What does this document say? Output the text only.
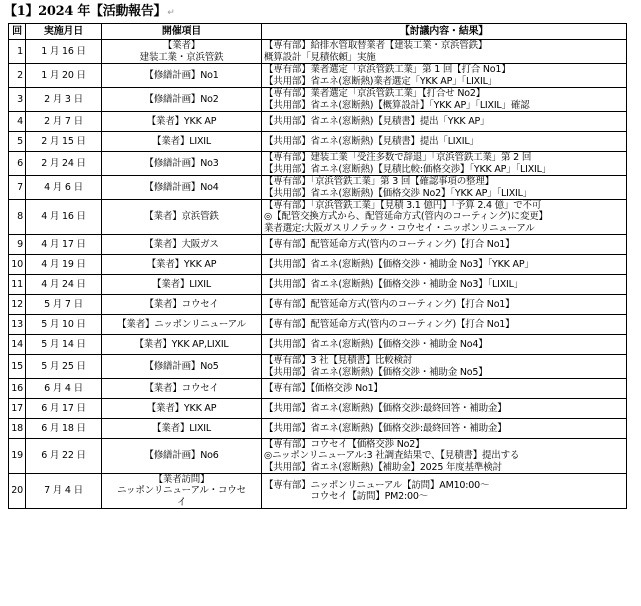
【1】2024 年【活動報告】↵
回	実施月日	開催項目	【討議内容・結果】
1	1 月 16 日	【業者】
建装工業・京浜管鉄	【専有部】給排水管取替業者【建装工業・京浜管鉄】
概算設計「見積依頼」実施

2	1 月 20 日	【修繕計画】No1	【専有部】業者選定「京浜管鉄工業」第 1 回【打合 No1】
【共用部】省エネ(窓断熱)業者選定「YKK AP」「LIXIL」

3	2 月 3 日	【修繕計画】No2	【専有部】業者選定「京浜管鉄工業」【打合せ No2】
【共用部】省エネ(窓断熱)【概算設計】「YKK AP」「LIXIL」確認

4	2 月 7 日	【業者】YKK AP	【共用部】省エネ(窓断熱)【見積書】提出「YKK AP」

5	2 月 15 日	【業者】LIXIL	【共用部】省エネ(窓断熱)【見積書】提出「LIXIL」

6	2 月 24 日	【修繕計画】No3	【専有部】建装工業「受注多数で辞退」「京浜管鉄工業」第 2 回
【共用部】省エネ(窓断熱)【見積比較:価格交渉】「YKK AP」「LIXIL」

7	4 月 6 日	【修繕計画】No4	【専有部】「京浜管鉄工業」第 3 回【確認事項の整理】
【共用部】省エネ(窓断熱)【価格交渉 No2】「YKK AP」「LIXIL」

8	4 月 16 日	【業者】京浜管鉄	【専有部】「京浜管鉄工業」【見積 3.1 億円】「予算 2.4 億」で不可
◎【配管交換方式から、配管延命方式(管内のコーティング)に変更】
業者選定:大阪ガスリノテック・コウセイ・ニッポンリニューアル

9	4 月 17 日	【業者】大阪ガス	【専有部】配管延命方式(管内のコーティング)【打合 No1】

10	4 月 19 日	【業者】YKK AP	【共用部】省エネ(窓断熱)【価格交渉・補助金 No3】「YKK AP」

11	4 月 24 日	【業者】LIXIL	【共用部】省エネ(窓断熱)【価格交渉・補助金 No3】「LIXIL」

12	5 月 7 日	【業者】コウセイ	【専有部】配管延命方式(管内のコーティング)【打合 No1】

13	5 月 10 日	【業者】ニッポンリニューアル	【専有部】配管延命方式(管内のコーティング)【打合 No1】

14	5 月 14 日	【業者】YKK AP,LIXIL	【共用部】省エネ(窓断熱)【価格交渉・補助金 No4】

15	5 月 25 日	【修繕計画】No5	【専有部】3 社【見積書】比較検討
【共用部】省エネ(窓断熱)【価格交渉・補助金 No5】

16	6 月 4 日	【業者】コウセイ	【専有部】【価格交渉 No1】

17	6 月 17 日	【業者】YKK AP	【共用部】省エネ(窓断熱)【価格交渉:最終回答・補助金】

18	6 月 18 日	【業者】LIXIL	【共用部】省エネ(窓断熱)【価格交渉:最終回答・補助金】

19	6 月 22 日	【修繕計画】No6	【専有部】コウセイ【価格交渉 No2】
◎ニッポンリニューアル:3 社調査結果で、【見積書】提出する
【共用部】省エネ(窓断熱)【補助金】2025 年度基準検討

20	7 月 4 日	【業者訪問】
ニッポンリニューアル・コウセ
イ	【専有部】ニッポンリニューアル【訪問】AM10:00～
　　　　　コウセイ【訪問】PM2:00～
